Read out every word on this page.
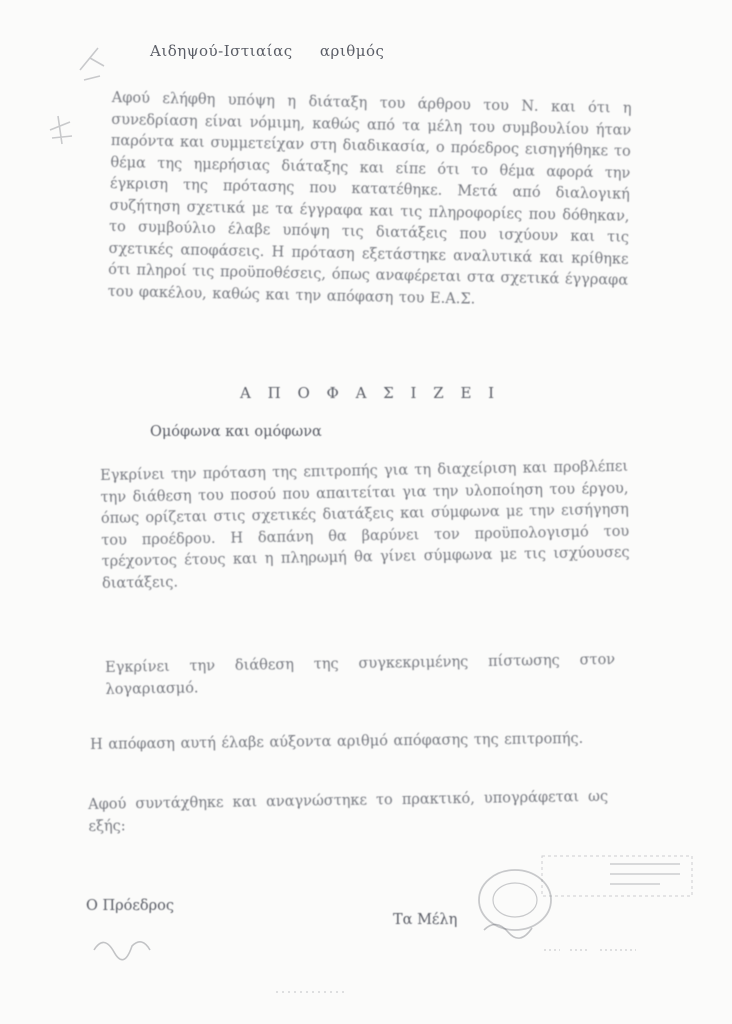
Αιδηψού-Ιστιαίας αριθμός
Αφού ελήφθη υπόψη η διάταξη του άρθρου του Ν. και ότι η συνεδρίαση είναι νόμιμη, καθώς από τα μέλη του συμβουλίου ήταν παρόντα και συμμετείχαν στη διαδικασία, ο πρόεδρος εισηγήθηκε το θέμα της ημερήσιας διάταξης και είπε ότι το θέμα αφορά την έγκριση της πρότασης που κατατέθηκε. Μετά από διαλογική συζήτηση σχετικά με τα έγγραφα και τις πληροφορίες που δόθηκαν, το συμβούλιο έλαβε υπόψη τις διατάξεις που ισχύουν και τις σχετικές αποφάσεις. Η πρόταση εξετάστηκε αναλυτικά και κρίθηκε ότι πληροί τις προϋποθέσεις, όπως αναφέρεται στα σχετικά έγγραφα του φακέλου, καθώς και την απόφαση του Ε.Α.Σ.
Α Π Ο Φ Α Σ Ι Ζ Ε Ι
Ομόφωνα και ομόφωνα
Εγκρίνει την πρόταση της επιτροπής για τη διαχείριση και προβλέπει την διάθεση του ποσού που απαιτείται για την υλοποίηση του έργου, όπως ορίζεται στις σχετικές διατάξεις και σύμφωνα με την εισήγηση του προέδρου. Η δαπάνη θα βαρύνει τον προϋπολογισμό του τρέχοντος έτους και η πληρωμή θα γίνει σύμφωνα με τις ισχύουσες διατάξεις.
Εγκρίνει την διάθεση της συγκεκριμένης πίστωσης στον λογαριασμό.
Η απόφαση αυτή έλαβε αύξοντα αριθμό απόφασης της επιτροπής.
Αφού συντάχθηκε και αναγνώστηκε το πρακτικό, υπογράφεται ως εξής:
Ο Πρόεδρος
Τα Μέλη
